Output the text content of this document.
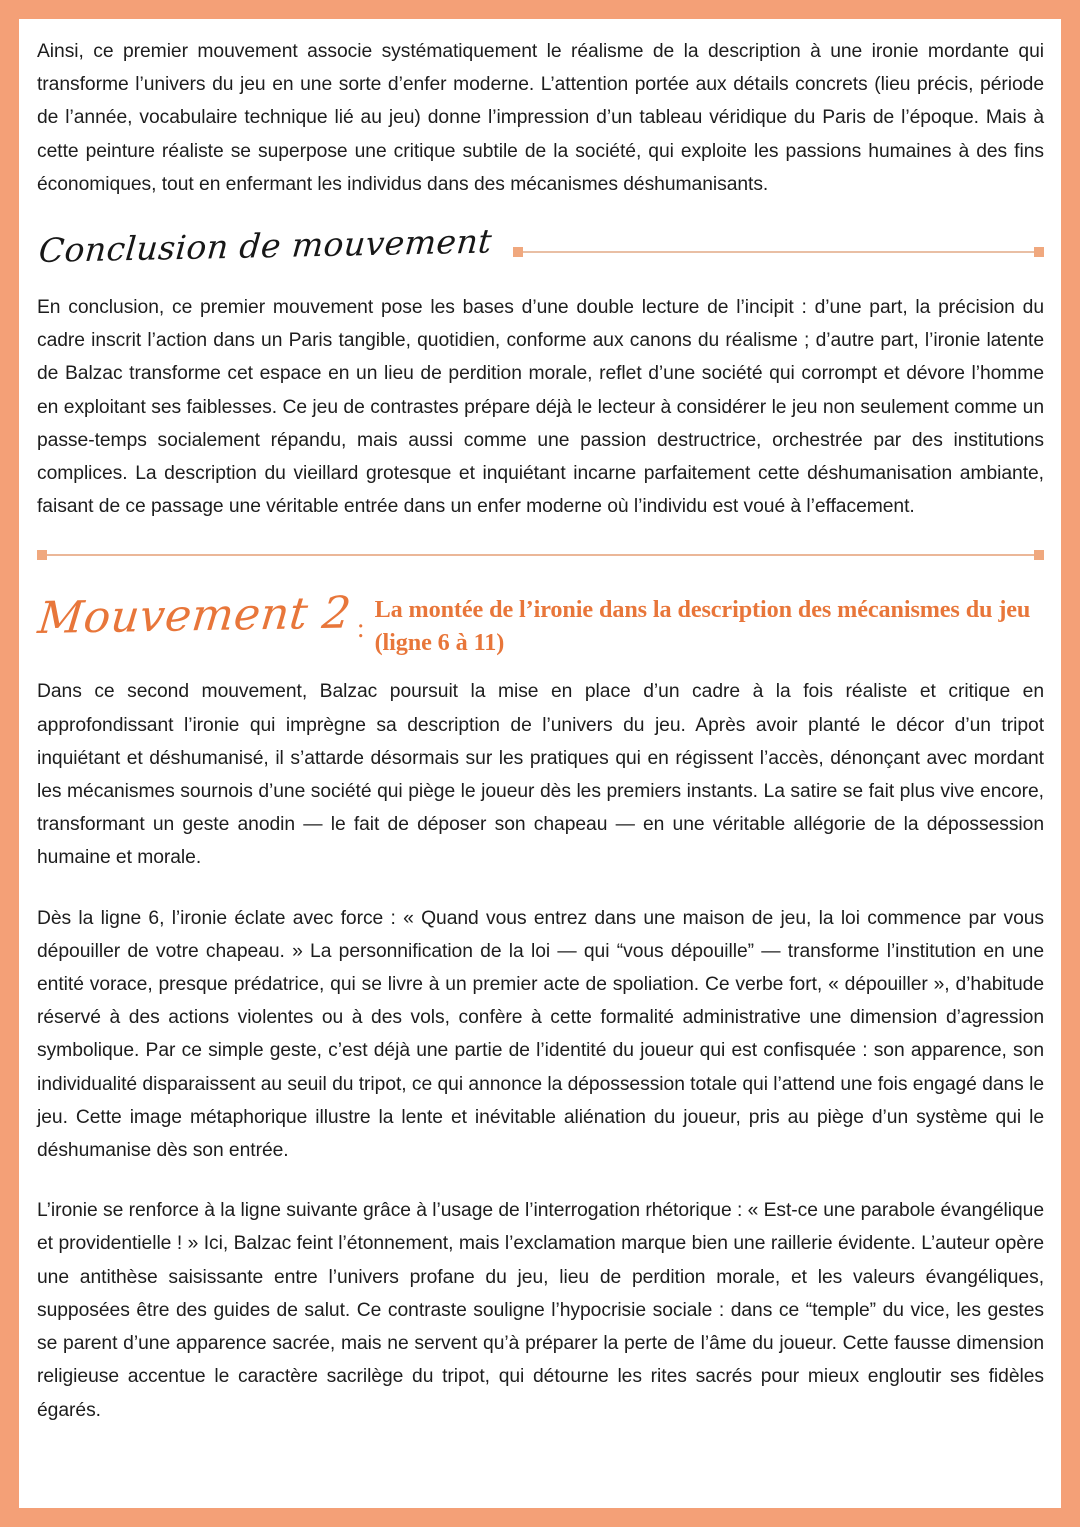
Ainsi, ce premier mouvement associe systématiquement le réalisme de la description à une ironie mordante qui transforme l’univers du jeu en une sorte d’enfer moderne. L’attention portée aux détails concrets (lieu précis, période de l’année, vocabulaire technique lié au jeu) donne l’impression d’un tableau véridique du Paris de l’époque. Mais à cette peinture réaliste se superpose une critique subtile de la société, qui exploite les passions humaines à des fins économiques, tout en enfermant les individus dans des mécanismes déshumanisants.

Conclusion de mouvement

En conclusion, ce premier mouvement pose les bases d’une double lecture de l’incipit : d’une part, la précision du cadre inscrit l’action dans un Paris tangible, quotidien, conforme aux canons du réalisme ; d’autre part, l’ironie latente de Balzac transforme cet espace en un lieu de perdition morale, reflet d’une société qui corrompt et dévore l’homme en exploitant ses faiblesses. Ce jeu de contrastes prépare déjà le lecteur à considérer le jeu non seulement comme un passe-temps socialement répandu, mais aussi comme une passion destructrice, orchestrée par des institutions complices. La description du vieillard grotesque et inquiétant incarne parfaitement cette déshumanisation ambiante, faisant de ce passage une véritable entrée dans un enfer moderne où l’individu est voué à l’effacement.

Mouvement 2 :
La montée de l’ironie dans la description des mécanismes du jeu
(ligne 6 à 11)

Dans ce second mouvement, Balzac poursuit la mise en place d’un cadre à la fois réaliste et critique en approfondissant l’ironie qui imprègne sa description de l’univers du jeu. Après avoir planté le décor d’un tripot inquiétant et déshumanisé, il s’attarde désormais sur les pratiques qui en régissent l’accès, dénonçant avec mordant les mécanismes sournois d’une société qui piège le joueur dès les premiers instants. La satire se fait plus vive encore, transformant un geste anodin — le fait de déposer son chapeau — en une véritable allégorie de la dépossession humaine et morale.

Dès la ligne 6, l’ironie éclate avec force : « Quand vous entrez dans une maison de jeu, la loi commence par vous dépouiller de votre chapeau. » La personnification de la loi — qui “vous dépouille” — transforme l’institution en une entité vorace, presque prédatrice, qui se livre à un premier acte de spoliation. Ce verbe fort, « dépouiller », d’habitude réservé à des actions violentes ou à des vols, confère à cette formalité administrative une dimension d’agression symbolique. Par ce simple geste, c’est déjà une partie de l’identité du joueur qui est confisquée : son apparence, son individualité disparaissent au seuil du tripot, ce qui annonce la dépossession totale qui l’attend une fois engagé dans le jeu. Cette image métaphorique illustre la lente et inévitable aliénation du joueur, pris au piège d’un système qui le déshumanise dès son entrée.

L’ironie se renforce à la ligne suivante grâce à l’usage de l’interrogation rhétorique : « Est-ce une parabole évangélique et providentielle ! » Ici, Balzac feint l’étonnement, mais l’exclamation marque bien une raillerie évidente. L’auteur opère une antithèse saisissante entre l’univers profane du jeu, lieu de perdition morale, et les valeurs évangéliques, supposées être des guides de salut. Ce contraste souligne l’hypocrisie sociale : dans ce “temple” du vice, les gestes se parent d’une apparence sacrée, mais ne servent qu’à préparer la perte de l’âme du joueur. Cette fausse dimension religieuse accentue le caractère sacrilège du tripot, qui détourne les rites sacrés pour mieux engloutir ses fidèles égarés.
